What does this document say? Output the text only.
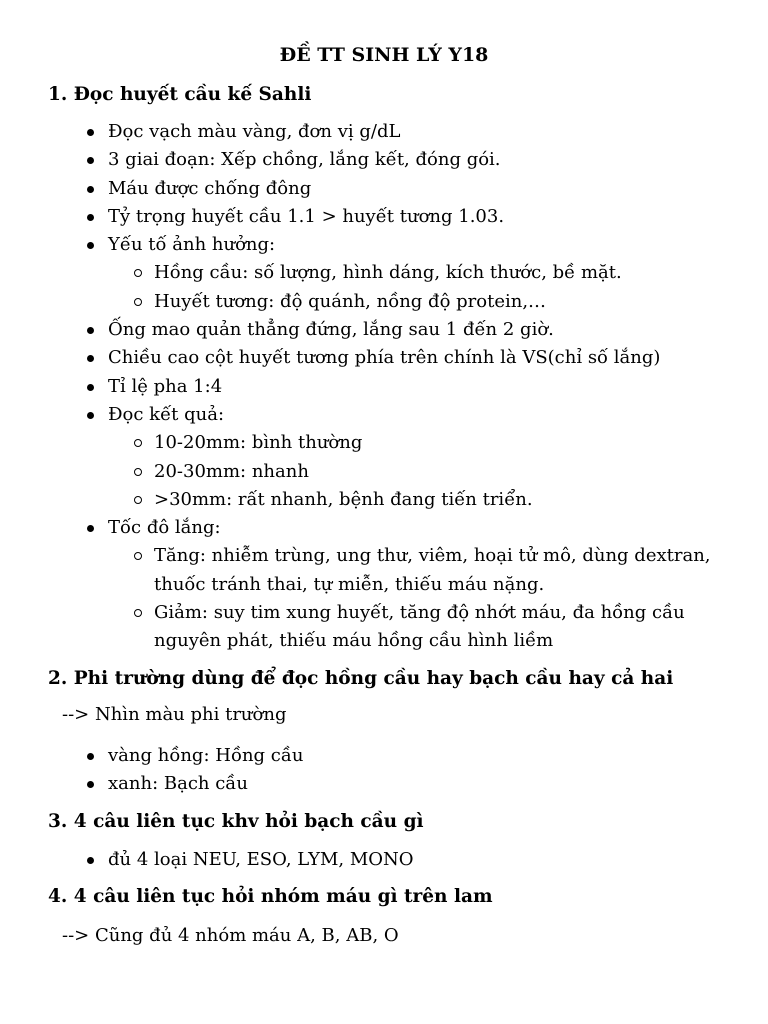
ĐỀ TT SINH LÝ Y18
1. Đọc huyết cầu kế Sahli
Đọc vạch màu vàng, đơn vị g/dL
3 giai đoạn: Xếp chồng, lắng kết, đóng gói.
Máu được chống đông
Tỷ trọng huyết cầu 1.1 > huyết tương 1.03.
Yếu tố ảnh hưởng:
Hồng cầu: số lượng, hình dáng, kích thước, bề mặt.
Huyết tương: độ quánh, nồng độ protein,…
Ống mao quản thẳng đứng, lắng sau 1 đến 2 giờ.
Chiều cao cột huyết tương phía trên chính là VS(chỉ số lắng)
Tỉ lệ pha 1:4
Đọc kết quả:
10-20mm: bình thường
20-30mm: nhanh
>30mm: rất nhanh, bệnh đang tiến triển.
Tốc đô lắng:
Tăng: nhiễm trùng, ung thư, viêm, hoại tử mô, dùng dextran, thuốc tránh thai, tự miễn, thiếu máu nặng.
Giảm: suy tim xung huyết, tăng độ nhớt máu, đa hồng cầu nguyên phát, thiếu máu hồng cầu hình liềm
2. Phi trường dùng để đọc hồng cầu hay bạch cầu hay cả hai
--> Nhìn màu phi trường
vàng hồng: Hồng cầu
xanh: Bạch cầu
3. 4 câu liên tục khv hỏi bạch cầu gì
đủ 4 loại NEU, ESO, LYM, MONO
4. 4 câu liên tục hỏi nhóm máu gì trên lam
--> Cũng đủ 4 nhóm máu A, B, AB, O
